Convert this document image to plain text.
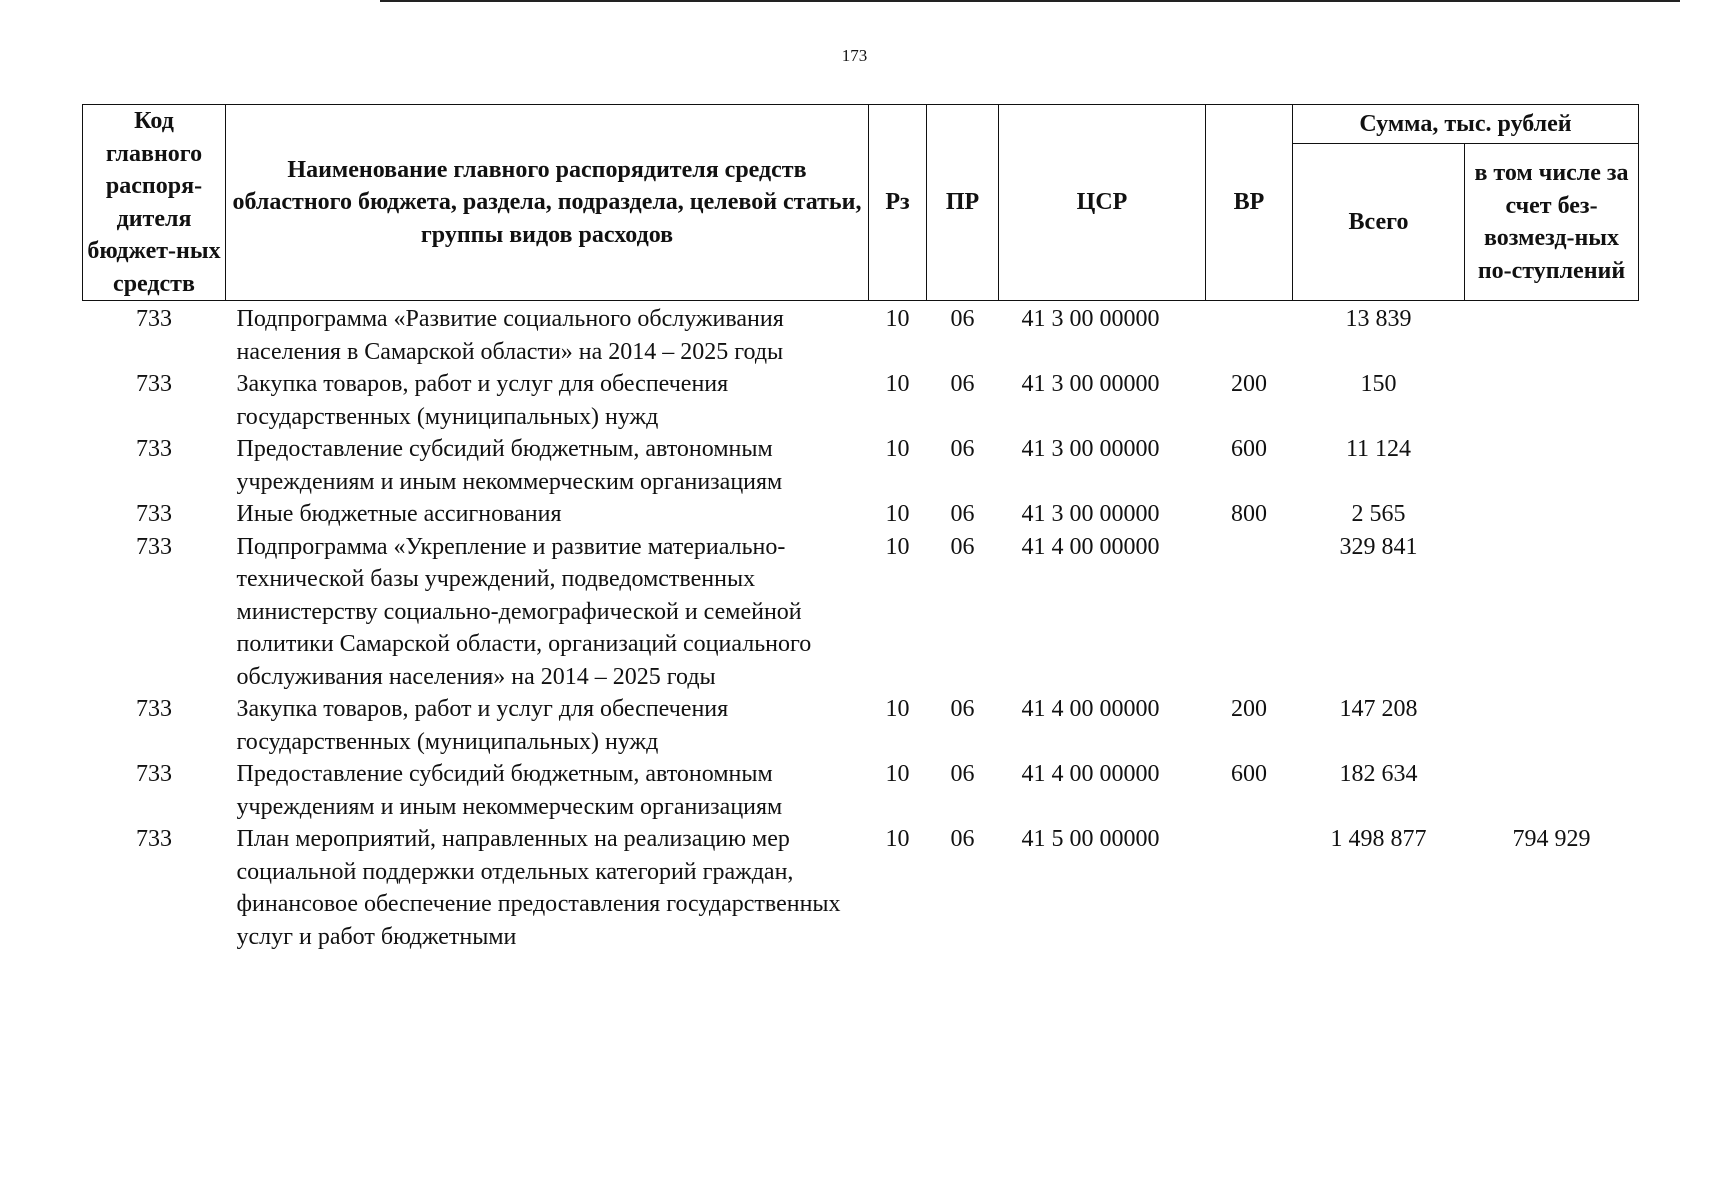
173
Код главного распоря-дителя бюджет-ных средств	Наименование главного распорядителя средств областного бюджета, раздела, подраздела, целевой статьи, группы видов расходов	Рз	ПР	ЦСР	ВР	Сумма, тыс. рублей	
						Всего	в том числе за счет без-возмезд-ных по-ступлений
733	Подпрограмма «Развитие социального обслуживания населения в Самарской области» на 2014 – 2025 годы	10	06	41 3 00 00000		13 839	
733	Закупка товаров, работ и услуг для обеспечения государственных (муниципальных) нужд	10	06	41 3 00 00000	200	150	
733	Предоставление субсидий бюджетным, автономным учреждениям и иным некоммерческим организациям	10	06	41 3 00 00000	600	11 124	
733	Иные бюджетные ассигнования	10	06	41 3 00 00000	800	2 565	
733	Подпрограмма «Укрепление и развитие материально-технической базы учреждений, подведомственных министерству социально-демографической и семейной политики Самарской области, организаций социального обслуживания населения» на 2014 – 2025 годы	10	06	41 4 00 00000		329 841	
733	Закупка товаров, работ и услуг для обеспечения государственных (муниципальных) нужд	10	06	41 4 00 00000	200	147 208	
733	Предоставление субсидий бюджетным, автономным учреждениям и иным некоммерческим организациям	10	06	41 4 00 00000	600	182 634	
733	План мероприятий, направленных на реализацию мер социальной поддержки отдельных категорий граждан, финансовое обеспечение предоставления государственных услуг и работ бюджетными	10	06	41 5 00 00000		1 498 877	794 929
